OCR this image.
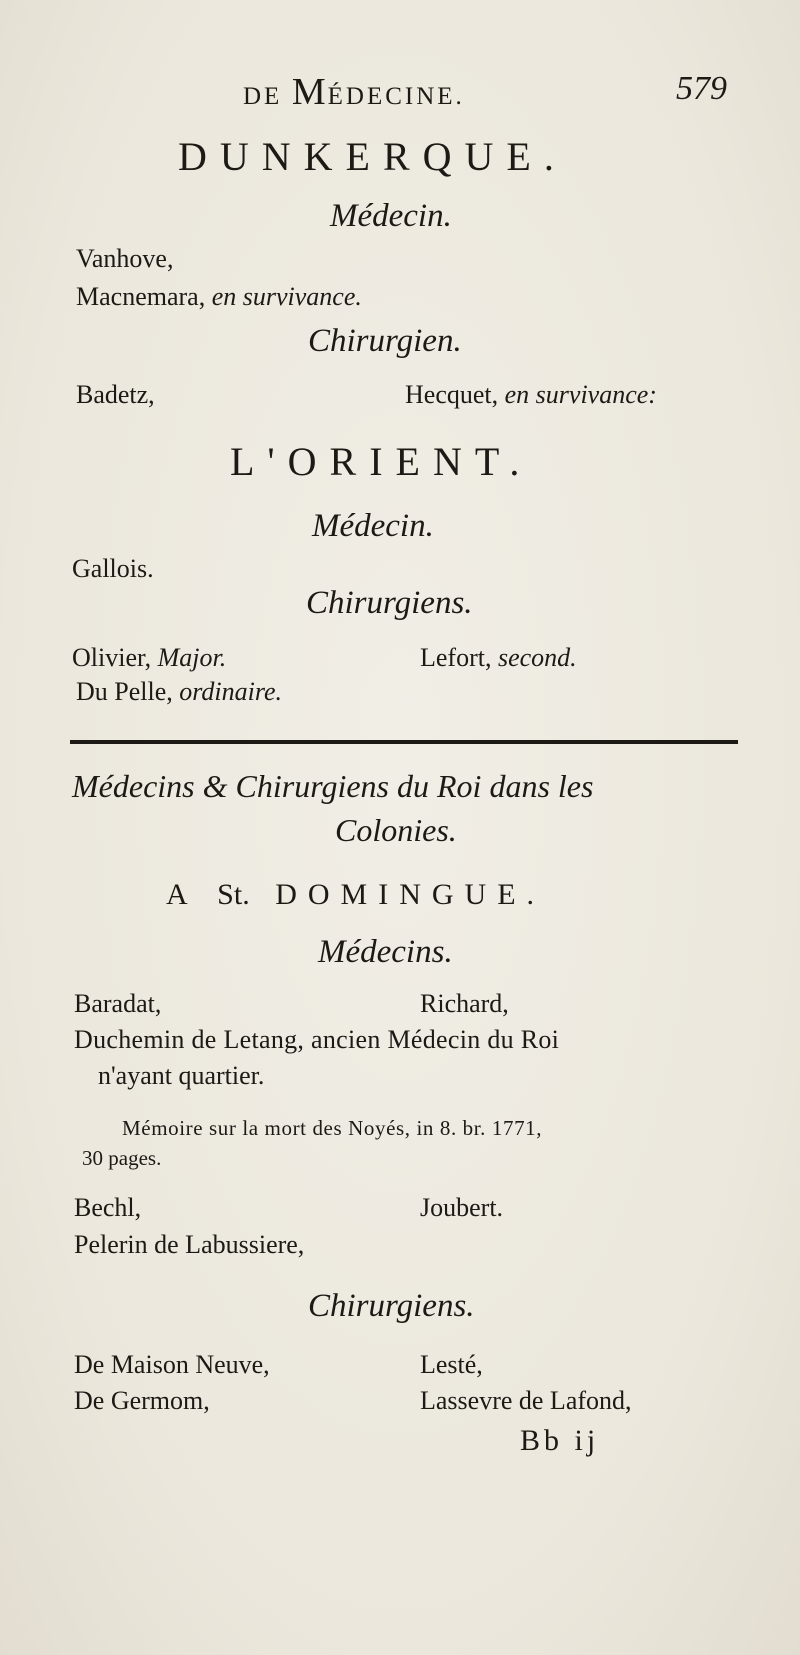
DE MÉDECINE.	579
DUNKERQUE.
Médecin.
Vanhove,
Macnemara, en survivance.
Chirurgien.
Badetz,	Hecquet, en survivance:
L'ORIENT.
Médecin.
Gallois.
Chirurgiens.
Olivier, Major.	Lefort, second.
Du Pelle, ordinaire.
Médecins & Chirurgiens du Roi dans les
Colonies.
A St. DOMINGUE.
Médecins.
Baradat,	Richard,
Duchemin de Letang, ancien Médecin du Roi
n'ayant quartier.
Mémoire sur la mort des Noyés, in 8. br. 1771,
30 pages.
Bechl,	Joubert.
Pelerin de Labussiere,
Chirurgiens.
De Maison Neuve,	Lesté,
De Germom,	Lassevre de Lafond,
Bb ij
